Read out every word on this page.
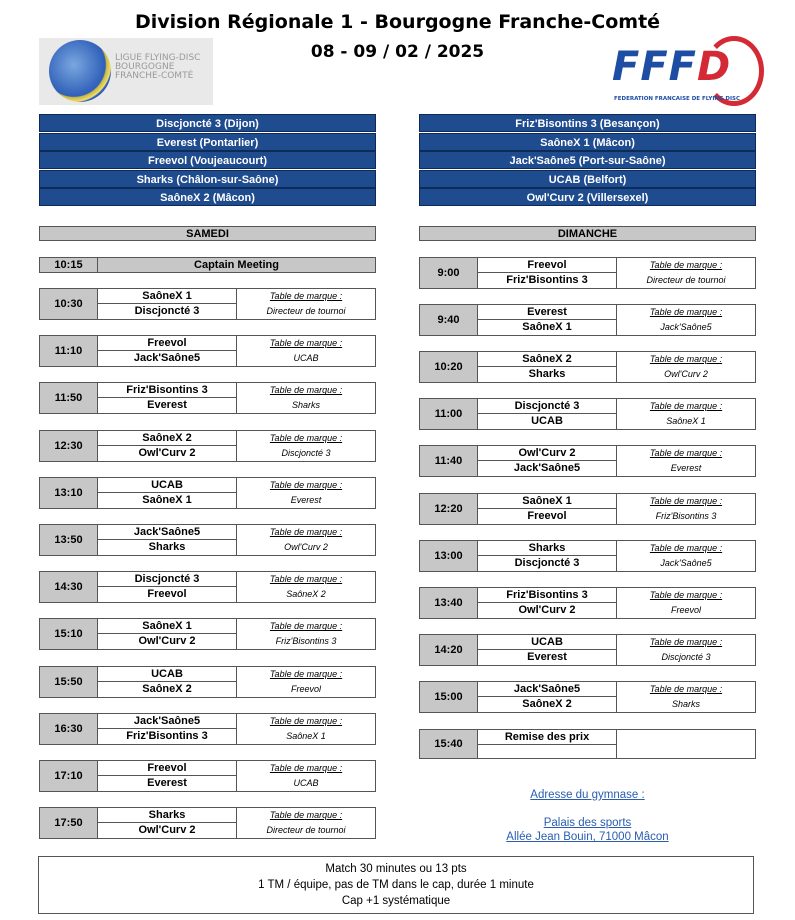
Division Régionale 1 - Bourgogne Franche-Comté
08 - 09 / 02 / 2025
LIGUE FLYING-DISC
BOURGOGNE
FRANCHE-COMTÉ	FFFD
FEDERATION FRANCAISE DE FLYING DISC
Discjoncté 3 (Dijon)
Everest (Pontarlier)
Freevol (Voujeaucourt)
Sharks (Châlon-sur-Saône)
SaôneX 2 (Mâcon)
Friz'Bisontins 3 (Besançon)
SaôneX 1 (Mâcon)
Jack'Saône5 (Port-sur-Saône)
UCAB (Belfort)
Owl'Curv 2 (Villersexel)
SAMEDI	DIMANCHE
10:15	Captain Meeting
10:30
SaôneX 1
Discjoncté 3
Table de marque :
Directeur de tournoi
11:10
Freevol
Jack'Saône5
Table de marque :
UCAB
11:50
Friz'Bisontins 3
Everest
Table de marque :
Sharks
12:30
SaôneX 2
Owl'Curv 2
Table de marque :
Discjoncté 3
13:10
UCAB
SaôneX 1
Table de marque :
Everest
13:50
Jack'Saône5
Sharks
Table de marque :
Owl'Curv 2
14:30
Discjoncté 3
Freevol
Table de marque :
SaôneX 2
15:10
SaôneX 1
Owl'Curv 2
Table de marque :
Friz'Bisontins 3
15:50
UCAB
SaôneX 2
Table de marque :
Freevol
16:30
Jack'Saône5
Friz'Bisontins 3
Table de marque :
SaôneX 1
17:10
Freevol
Everest
Table de marque :
UCAB
17:50
Sharks
Owl'Curv 2
Table de marque :
Directeur de tournoi
9:00
Freevol
Friz'Bisontins 3
Table de marque :
Directeur de tournoi
9:40
Everest
SaôneX 1
Table de marque :
Jack'Saône5
10:20
SaôneX 2
Sharks
Table de marque :
Owl'Curv 2
11:00
Discjoncté 3
UCAB
Table de marque :
SaôneX 1
11:40
Owl'Curv 2
Jack'Saône5
Table de marque :
Everest
12:20
SaôneX 1
Freevol
Table de marque :
Friz'Bisontins 3
13:00
Sharks
Discjoncté 3
Table de marque :
Jack'Saône5
13:40
Friz'Bisontins 3
Owl'Curv 2
Table de marque :
Freevol
14:20
UCAB
Everest
Table de marque :
Discjoncté 3
15:00
Jack'Saône5
SaôneX 2
Table de marque :
Sharks
15:40
Remise des prix
Adresse du gymnase :
Palais des sports
Allée Jean Bouin, 71000 Mâcon
Match 30 minutes ou 13 pts
1 TM / équipe, pas de TM dans le cap, durée 1 minute
Cap +1 systématique
